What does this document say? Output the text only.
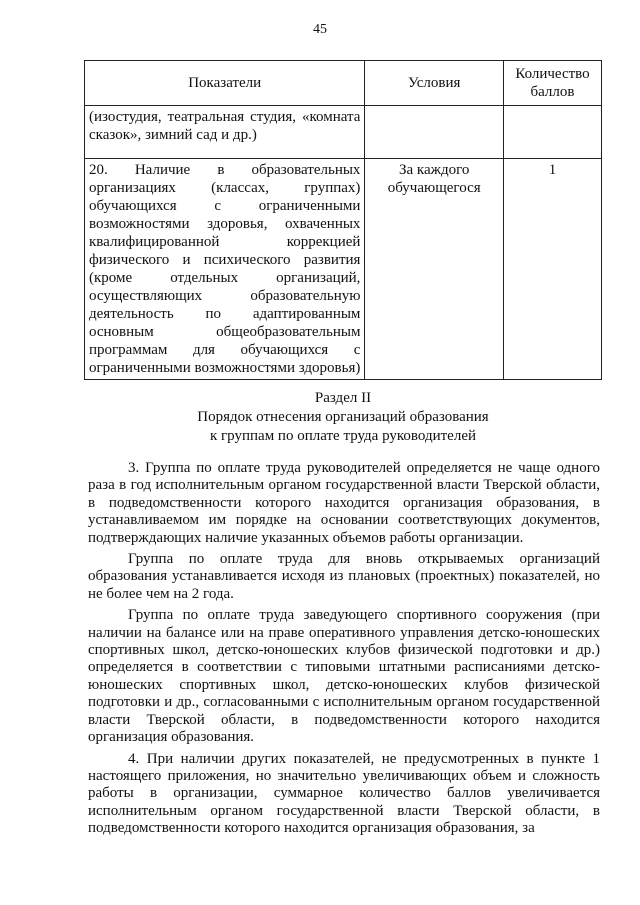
45
Показатели	Условия	Количество баллов
(изостудия, театральная студия, «комната сказок», зимний сад и др.)		
20. Наличие в образовательных организациях (классах, группах) обучающихся с ограниченными возможностями здоровья, охваченных квалифицированной коррекцией физического и психического развития (кроме отдельных организаций, осуществляющих образовательную деятельность по адаптированным основным общеобразовательным программам для обучающихся с ограниченными возможностями здоровья)	За каждого обучающегося	1
Раздел II
Порядок отнесения организаций образования
к группам по оплате труда руководителей

3. Группа по оплате труда руководителей определяется не чаще одного раза в год исполнительным органом государственной власти Тверской области, в подведомственности которого находится организация образования, в устанавливаемом им порядке на основании соответствующих документов, подтверждающих наличие указанных объемов работы организации.

Группа по оплате труда для вновь открываемых организаций образования устанавливается исходя из плановых (проектных) показателей, но не более чем на 2 года.

Группа по оплате труда заведующего спортивного сооружения (при наличии на балансе или на праве оперативного управления детско-юношеских спортивных школ, детско-юношеских клубов физической подготовки и др.) определяется в соответствии с типовыми штатными расписаниями детско-юношеских спортивных школ, детско-юношеских клубов физической подготовки и др., согласованными с исполнительным органом государственной власти Тверской области, в подведомственности которого находится организация образования.

4. При наличии других показателей, не предусмотренных в пункте 1 настоящего приложения, но значительно увеличивающих объем и сложность работы в организации, суммарное количество баллов увеличивается исполнительным органом государственной власти Тверской области, в подведомственности которого находится организация образования, за
